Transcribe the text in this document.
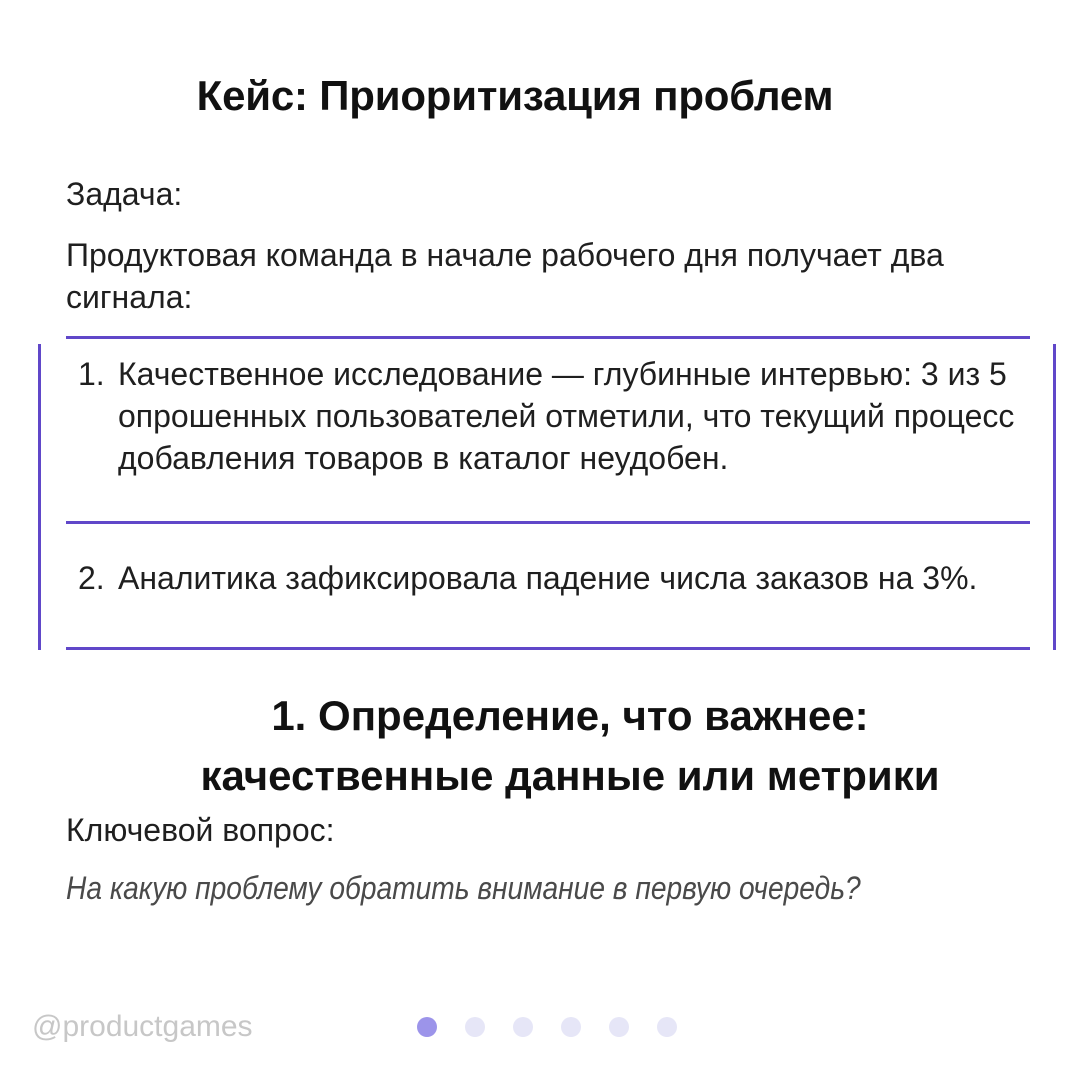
Кейс: Приоритизация проблем

Задача:

Продуктовая команда в начале рабочего дня получает два сигнала:

1. Качественное исследование — глубинные интервью: 3 из 5 опрошенных пользователей отметили, что текущий процесс добавления товаров в каталог неудобен.
2. Аналитика зафиксировала падение числа заказов на 3%.
1. Определение, что важнее:
качественные данные или метрики

Ключевой вопрос:

На какую проблему обратить внимание в первую очередь?

@productgames
